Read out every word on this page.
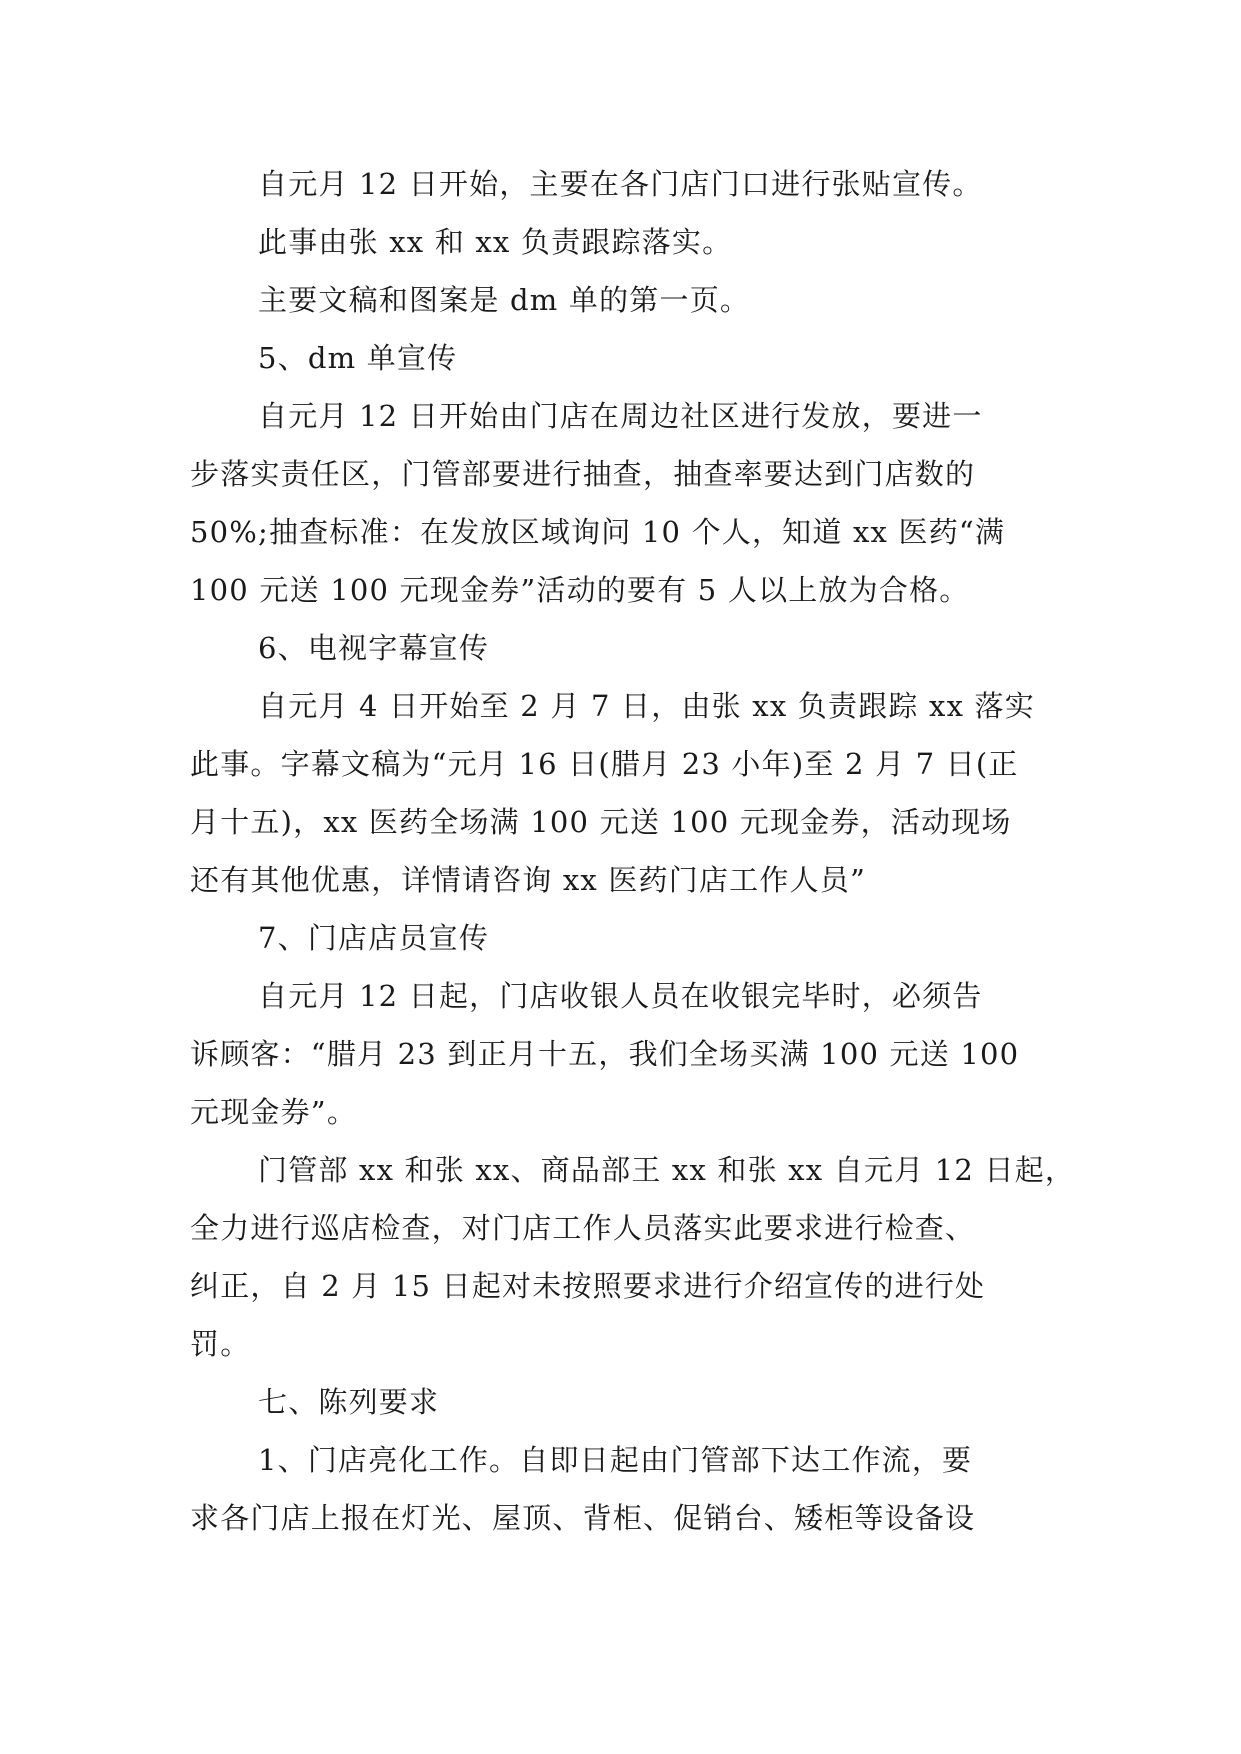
自元月 12 日开始，主要在各门店门口进行张贴宣传。
此事由张 xx 和 xx 负责跟踪落实。
主要文稿和图案是 dm 单的第一页。
5、dm 单宣传
自元月 12 日开始由门店在周边社区进行发放，要进一
步落实责任区，门管部要进行抽查，抽查率要达到门店数的
50%;抽查标准：在发放区域询问 10 个人，知道 xx 医药“满
100 元送 100 元现金券”活动的要有 5 人以上放为合格。
6、电视字幕宣传
自元月 4 日开始至 2 月 7 日，由张 xx 负责跟踪 xx 落实
此事。字幕文稿为“元月 16 日(腊月 23 小年)至 2 月 7 日(正
月十五)，xx 医药全场满 100 元送 100 元现金券，活动现场
还有其他优惠，详情请咨询 xx 医药门店工作人员”
7、门店店员宣传
自元月 12 日起，门店收银人员在收银完毕时，必须告
诉顾客：“腊月 23 到正月十五，我们全场买满 100 元送 100
元现金券”。
门管部 xx 和张 xx、商品部王 xx 和张 xx 自元月 12 日起，
全力进行巡店检查，对门店工作人员落实此要求进行检查、
纠正，自 2 月 15 日起对未按照要求进行介绍宣传的进行处
罚。
七、陈列要求
1、门店亮化工作。自即日起由门管部下达工作流，要
求各门店上报在灯光、屋顶、背柜、促销台、矮柜等设备设
